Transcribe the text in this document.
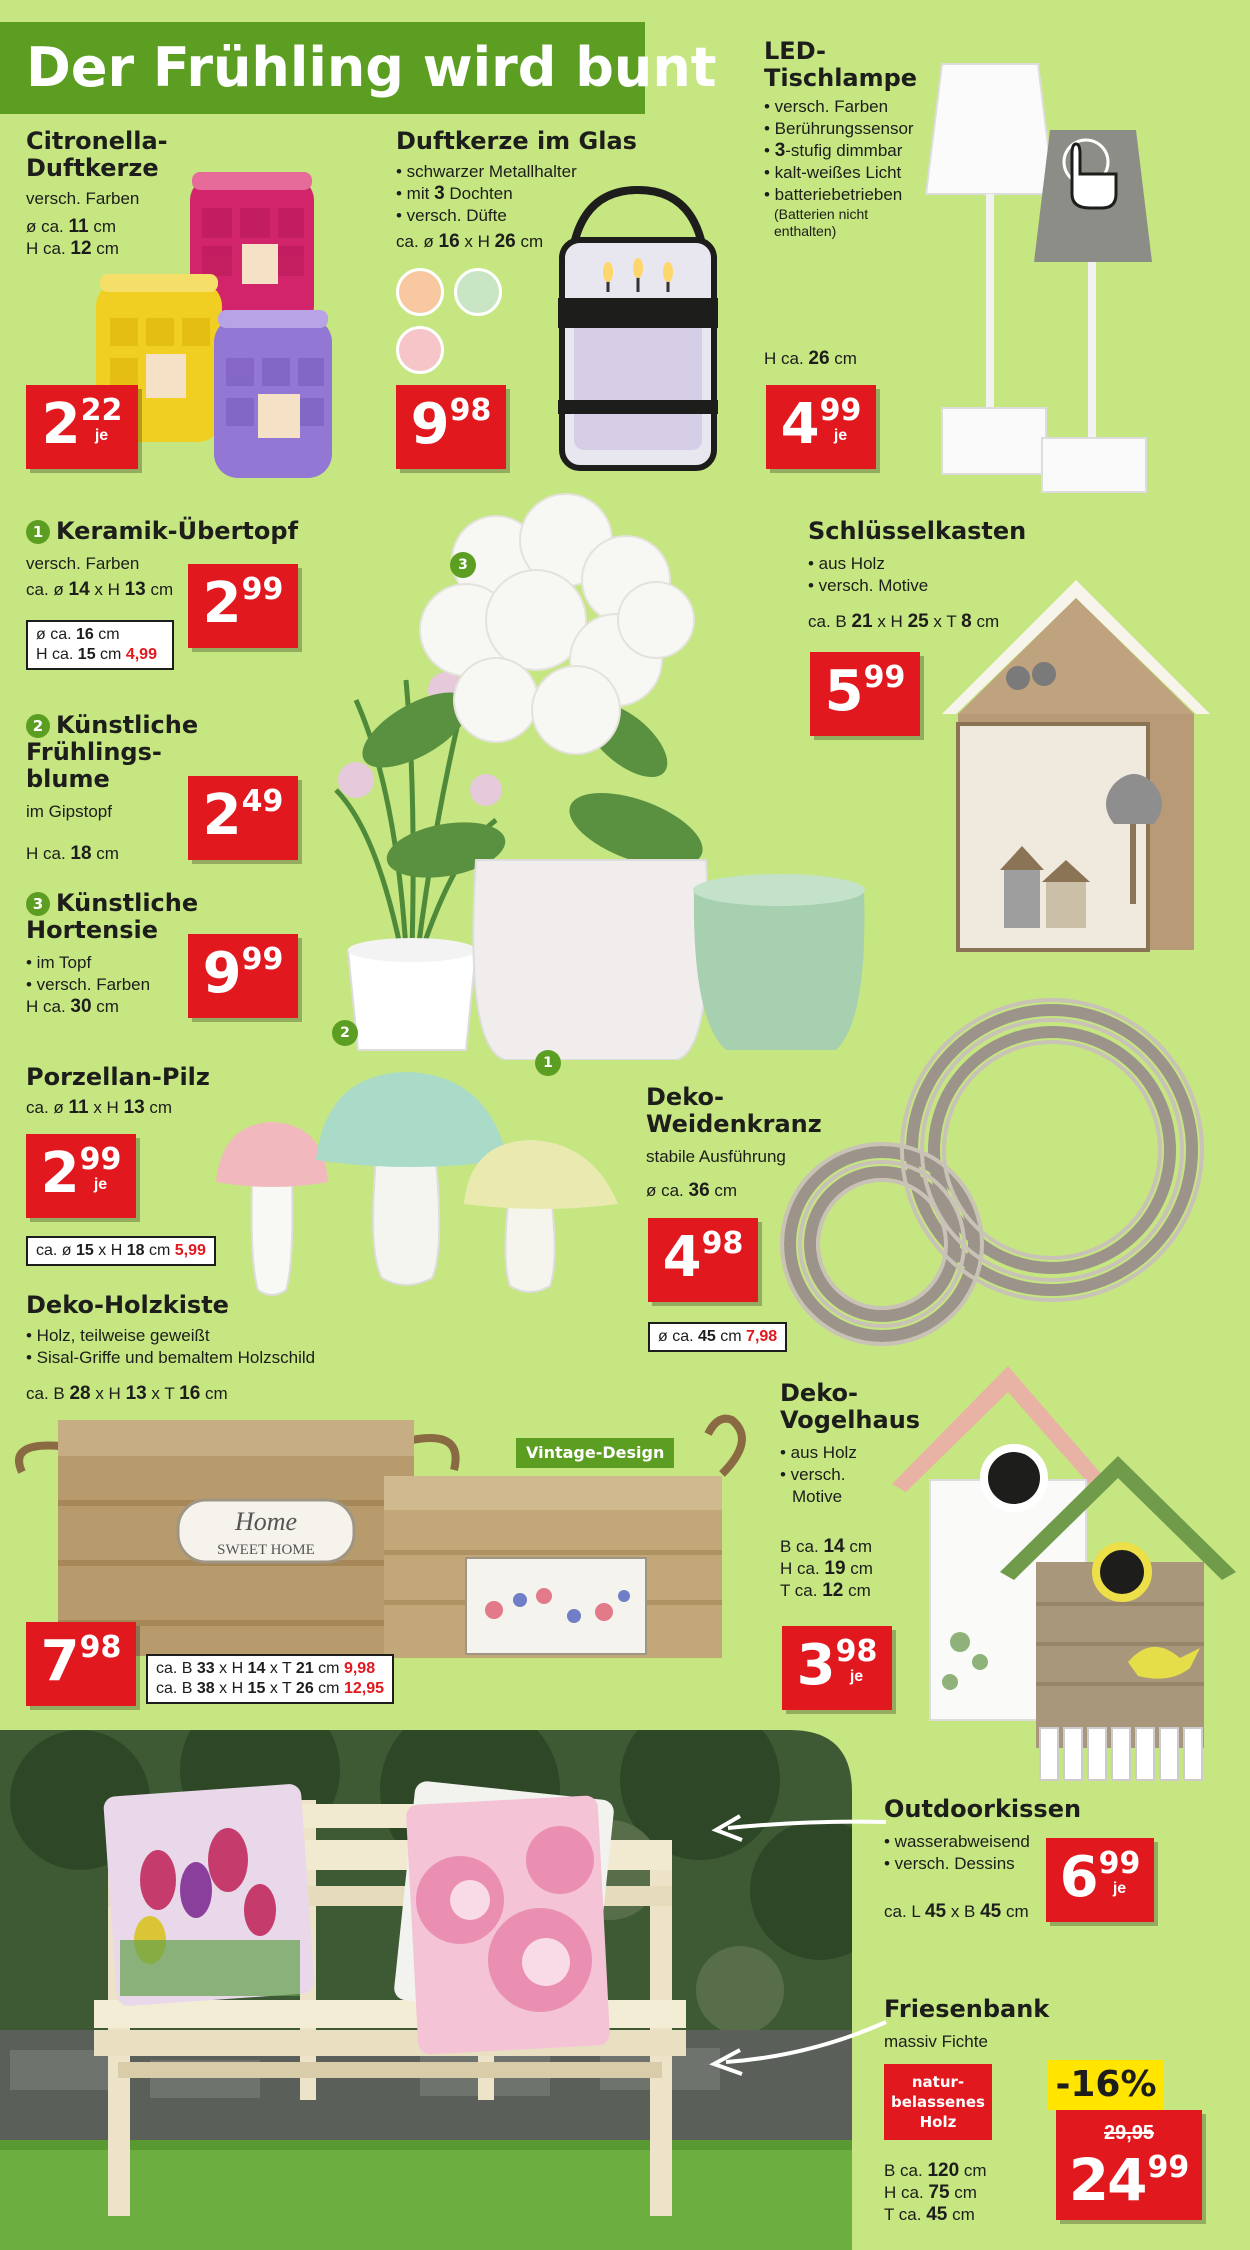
Der Frühling wird bunt
Citronella-
Duftkerze
versch. Farben
ø ca. 11 cm
H ca. 12 cm
2 22
je
Duftkerze im Glas
• schwarzer Metallhalter
• mit 3 Dochten
• versch. Düfte
ca. ø 16 x H 26 cm
9 98
LED-
Tischlampe
• versch. Farben
• Berührungssensor
• 3-stufig dimmbar
• kalt-weißes Licht
• batteriebetrieben
(Batterien nicht
enthalten)
H ca. 26 cm
4 99
je
1 Keramik-Übertopf
versch. Farben
ca. ø 14 x H 13 cm 2 99
ø ca. 16 cm
H ca. 15 cm 4,99
2 Künstliche
Frühlings-
blume
im Gipstopf
H ca. 18 cm
2 49
3 Künstliche
Hortensie
• im Topf
• versch. Farben
H ca. 30 cm
9 99
3
2
1
Schlüsselkasten
• aus Holz
• versch. Motive
ca. B 21 x H 25 x T 8 cm
5 99
Porzellan-Pilz
ca. ø 11 x H 13 cm
2 99
je
ca. ø 15 x H 18 cm 5,99
Deko-
Weidenkranz
stabile Ausführung
ø ca. 36 cm
4 98
ø ca. 45 cm 7,98
Deko-Holzkiste
• Holz, teilweise geweißt
• Sisal-Griffe und bemaltem Holzschild
ca. B 28 x H 13 x T 16 cm
Vintage-Design
Home
SWEET HOME
7 98
ca. B 33 x H 14 x T 21 cm 9,98
ca. B 38 x H 15 x T 26 cm 12,95
Deko-
Vogelhaus
• aus Holz
• versch.
Motive
B ca. 14 cm
H ca. 19 cm
T ca. 12 cm
3 98
je
Outdoorkissen
• wasserabweisend
• versch. Dessins
ca. L 45 x B 45 cm
6 99
je
Friesenbank
massiv Fichte
natur-
belassenes
Holz
B ca. 120 cm
H ca. 75 cm
T ca. 45 cm
-16%
29,95
24 99
